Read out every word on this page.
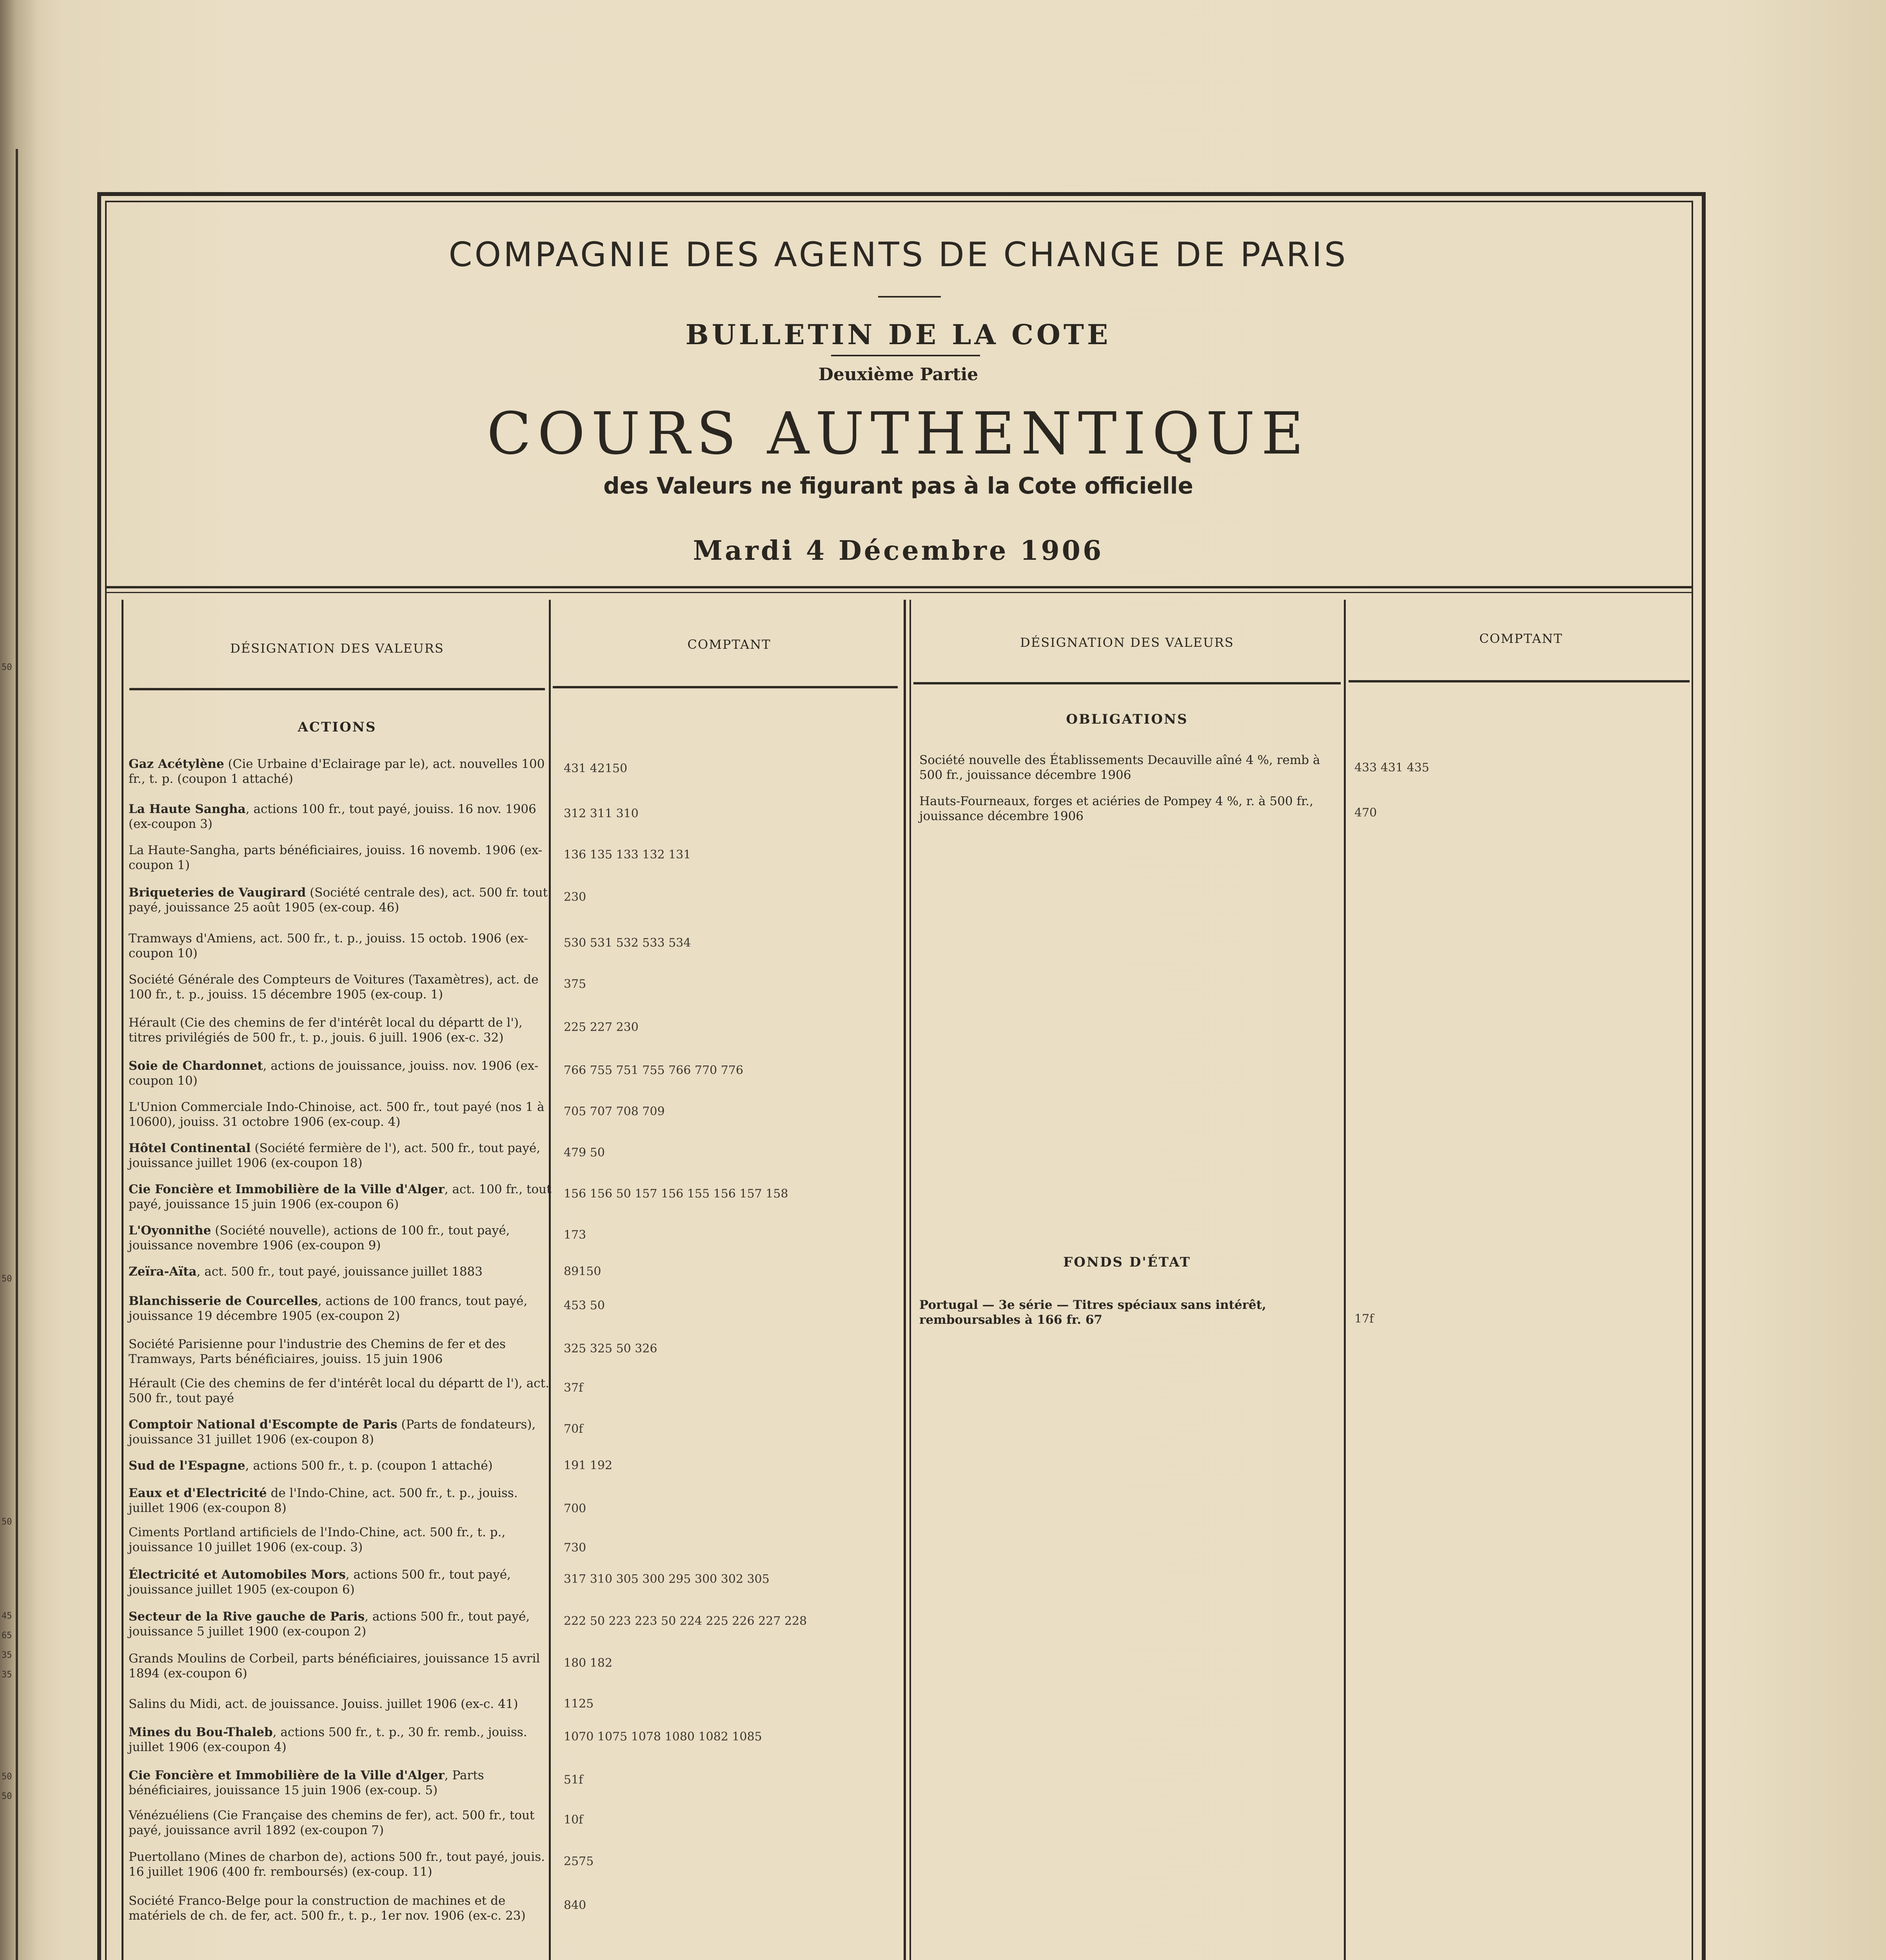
50
50
50
45
65
35
35
50
50
COMPAGNIE DES AGENTS DE CHANGE DE PARIS
BULLETIN DE LA COTE
Deuxième Partie
COURS AUTHENTIQUE
des Valeurs ne figurant pas à la Cote officielle
Mardi 4 Décembre 1906
DÉSIGNATION DES VALEURS	COMPTANT	DÉSIGNATION DES VALEURS	COMPTANT
ACTIONS	OBLIGATIONS
FONDS D'ÉTAT
Gaz Acétylène (Cie Urbaine d'Eclairage par le), act. nouvelles 100 fr., t. p. (coupon 1 attaché)
431 42150
La Haute Sangha, actions 100 fr., tout payé, jouiss. 16 nov. 1906 (ex-coupon 3)
312 311 310
La Haute-Sangha, parts bénéficiaires, jouiss. 16 novemb. 1906 (ex-coupon 1)
136 135 133 132 131
Briqueteries de Vaugirard (Société centrale des), act. 500 fr. tout payé, jouissance 25 août 1905 (ex-coup. 46)
230
Tramways d'Amiens, act. 500 fr., t. p., jouiss. 15 octob. 1906 (ex-coupon 10)
530 531 532 533 534
Société Générale des Compteurs de Voitures (Taxamètres), act. de 100 fr., t. p., jouiss. 15 décembre 1905 (ex-coup. 1)
375
Hérault (Cie des chemins de fer d'intérêt local du départt de l'), titres privilégiés de 500 fr., t. p., jouis. 6 juill. 1906 (ex-c. 32)
225 227 230
Soie de Chardonnet, actions de jouissance, jouiss. nov. 1906 (ex-coupon 10)
766 755 751 755 766 770 776
L'Union Commerciale Indo-Chinoise, act. 500 fr., tout payé (nos 1 à 10600), jouiss. 31 octobre 1906 (ex-coup. 4)
705 707 708 709
Hôtel Continental (Société fermière de l'), act. 500 fr., tout payé, jouissance juillet 1906 (ex-coupon 18)
479 50
Cie Foncière et Immobilière de la Ville d'Alger, act. 100 fr., tout payé, jouissance 15 juin 1906 (ex-coupon 6)
156 156 50 157 156 155 156 157 158
L'Oyonnithe (Société nouvelle), actions de 100 fr., tout payé, jouissance novembre 1906 (ex-coupon 9)
173
Zeïra-Aïta, act. 500 fr., tout payé, jouissance juillet 1883	89150
Blanchisserie de Courcelles, actions de 100 francs, tout payé, jouissance 19 décembre 1905 (ex-coupon 2)
453 50
Société Parisienne pour l'industrie des Chemins de fer et des Tramways, Parts bénéficiaires, jouiss. 15 juin 1906
325 325 50 326
Hérault (Cie des chemins de fer d'intérêt local du départt de l'), act. 500 fr., tout payé
37f
Comptoir National d'Escompte de Paris (Parts de fondateurs), jouissance 31 juillet 1906 (ex-coupon 8)
70f
Sud de l'Espagne, actions 500 fr., t. p. (coupon 1 attaché)	191 192
Eaux et d'Electricité de l'Indo-Chine, act. 500 fr., t. p., jouiss. juillet 1906 (ex-coupon 8)	700
Ciments Portland artificiels de l'Indo-Chine, act. 500 fr., t. p., jouissance 10 juillet 1906 (ex-coup. 3)	730
Électricité et Automobiles Mors, actions 500 fr., tout payé, jouissance juillet 1905 (ex-coupon 6)
317 310 305 300 295 300 302 305
Secteur de la Rive gauche de Paris, actions 500 fr., tout payé, jouissance 5 juillet 1900 (ex-coupon 2)
222 50 223 223 50 224 225 226 227 228
Grands Moulins de Corbeil, parts bénéficiaires, jouissance 15 avril 1894 (ex-coupon 6)
180 182
Salins du Midi, act. de jouissance. Jouiss. juillet 1906 (ex-c. 41)	1125
Mines du Bou-Thaleb, actions 500 fr., t. p., 30 fr. remb., jouiss. juillet 1906 (ex-coupon 4)
1070 1075 1078 1080 1082 1085
Cie Foncière et Immobilière de la Ville d'Alger, Parts bénéficiaires, jouissance 15 juin 1906 (ex-coup. 5)
51f
Vénézuéliens (Cie Française des chemins de fer), act. 500 fr., tout payé, jouissance avril 1892 (ex-coupon 7)
10f
Puertollano (Mines de charbon de), actions 500 fr., tout payé, jouis. 16 juillet 1906 (400 fr. remboursés) (ex-coup. 11)
2575
Société Franco-Belge pour la construction de machines et de matériels de ch. de fer, act. 500 fr., t. p., 1er nov. 1906 (ex-c. 23)
840
Société nouvelle des Établissements Decauville aîné 4 %, remb à 500 fr., jouissance décembre 1906
433 431 435
Hauts-Fourneaux, forges et aciéries de Pompey 4 %, r. à 500 fr., jouissance décembre 1906	470
Portugal — 3e série — Titres spéciaux sans intérêt, remboursables à 166 fr. 67	17f
